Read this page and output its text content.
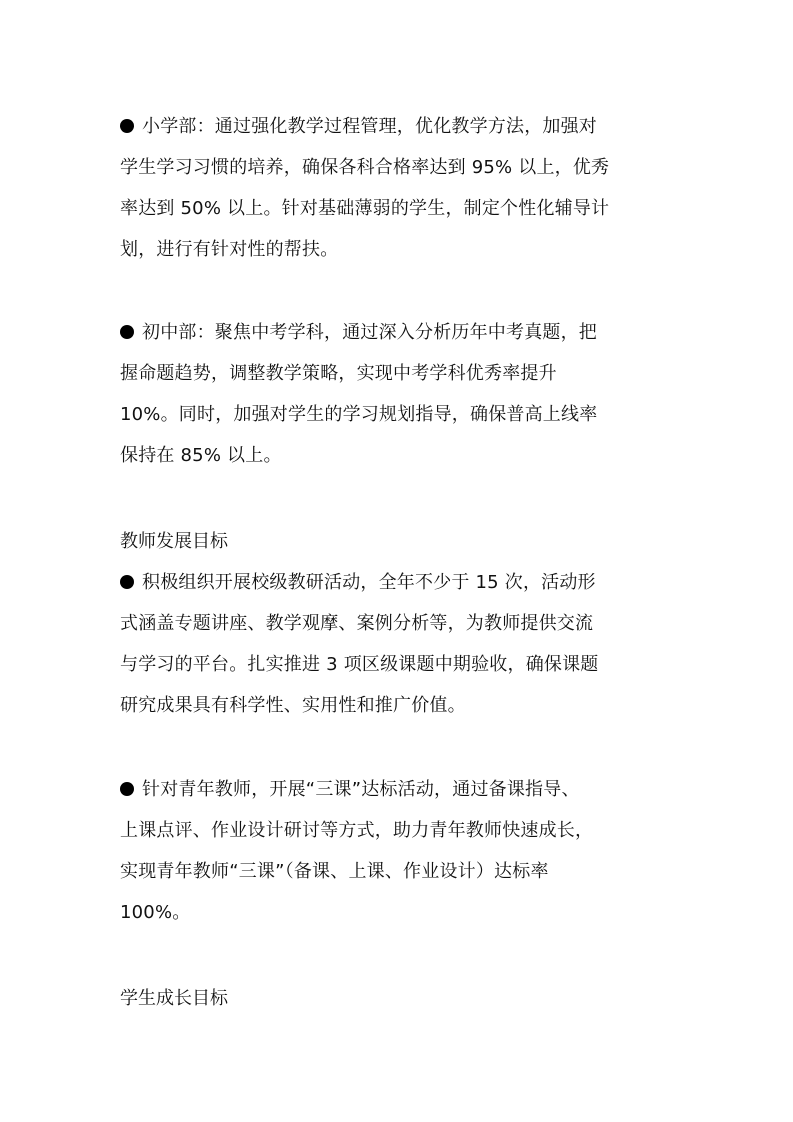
小学部：通过强化教学过程管理，优化教学方法，加强对
学生学习习惯的培养，确保各科合格率达到 95% 以上，优秀
率达到 50% 以上。针对基础薄弱的学生，制定个性化辅导计
划，进行有针对性的帮扶。
初中部：聚焦中考学科，通过深入分析历年中考真题，把
握命题趋势，调整教学策略，实现中考学科优秀率提升
10%。同时，加强对学生的学习规划指导，确保普高上线率
保持在 85% 以上。
教师发展目标
积极组织开展校级教研活动，全年不少于 15 次，活动形
式涵盖专题讲座、教学观摩、案例分析等，为教师提供交流
与学习的平台。扎实推进 3 项区级课题中期验收，确保课题
研究成果具有科学性、实用性和推广价值。
针对青年教师，开展“三课”达标活动，通过备课指导、
上课点评、作业设计研讨等方式，助力青年教师快速成长，
实现青年教师“三课”（备课、上课、作业设计）达标率
100%。
学生成长目标
